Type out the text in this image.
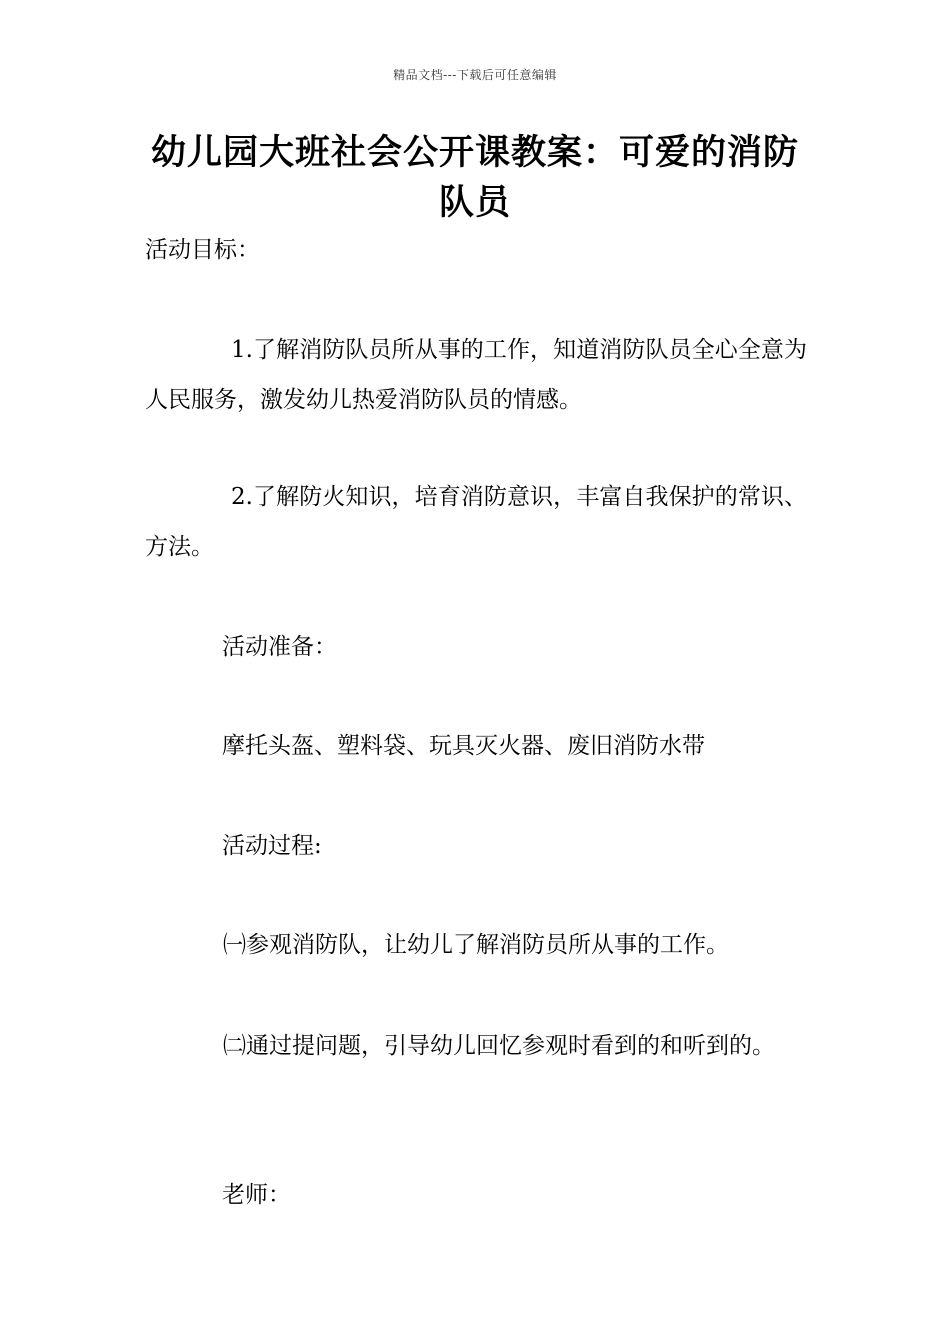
精品文档---下载后可任意编辑
幼儿园大班社会公开课教案：可爱的消防队员

活动目标：

1.了解消防队员所从事的工作，知道消防队员全心全意为人民服务，激发幼儿热爱消防队员的情感。

2.了解防火知识，培育消防意识，丰富自我保护的常识、方法。

活动准备：

摩托头盔、塑料袋、玩具灭火器、废旧消防水带

活动过程:

㈠参观消防队，让幼儿了解消防员所从事的工作。

㈡通过提问题，引导幼儿回忆参观时看到的和听到的。

老师：
